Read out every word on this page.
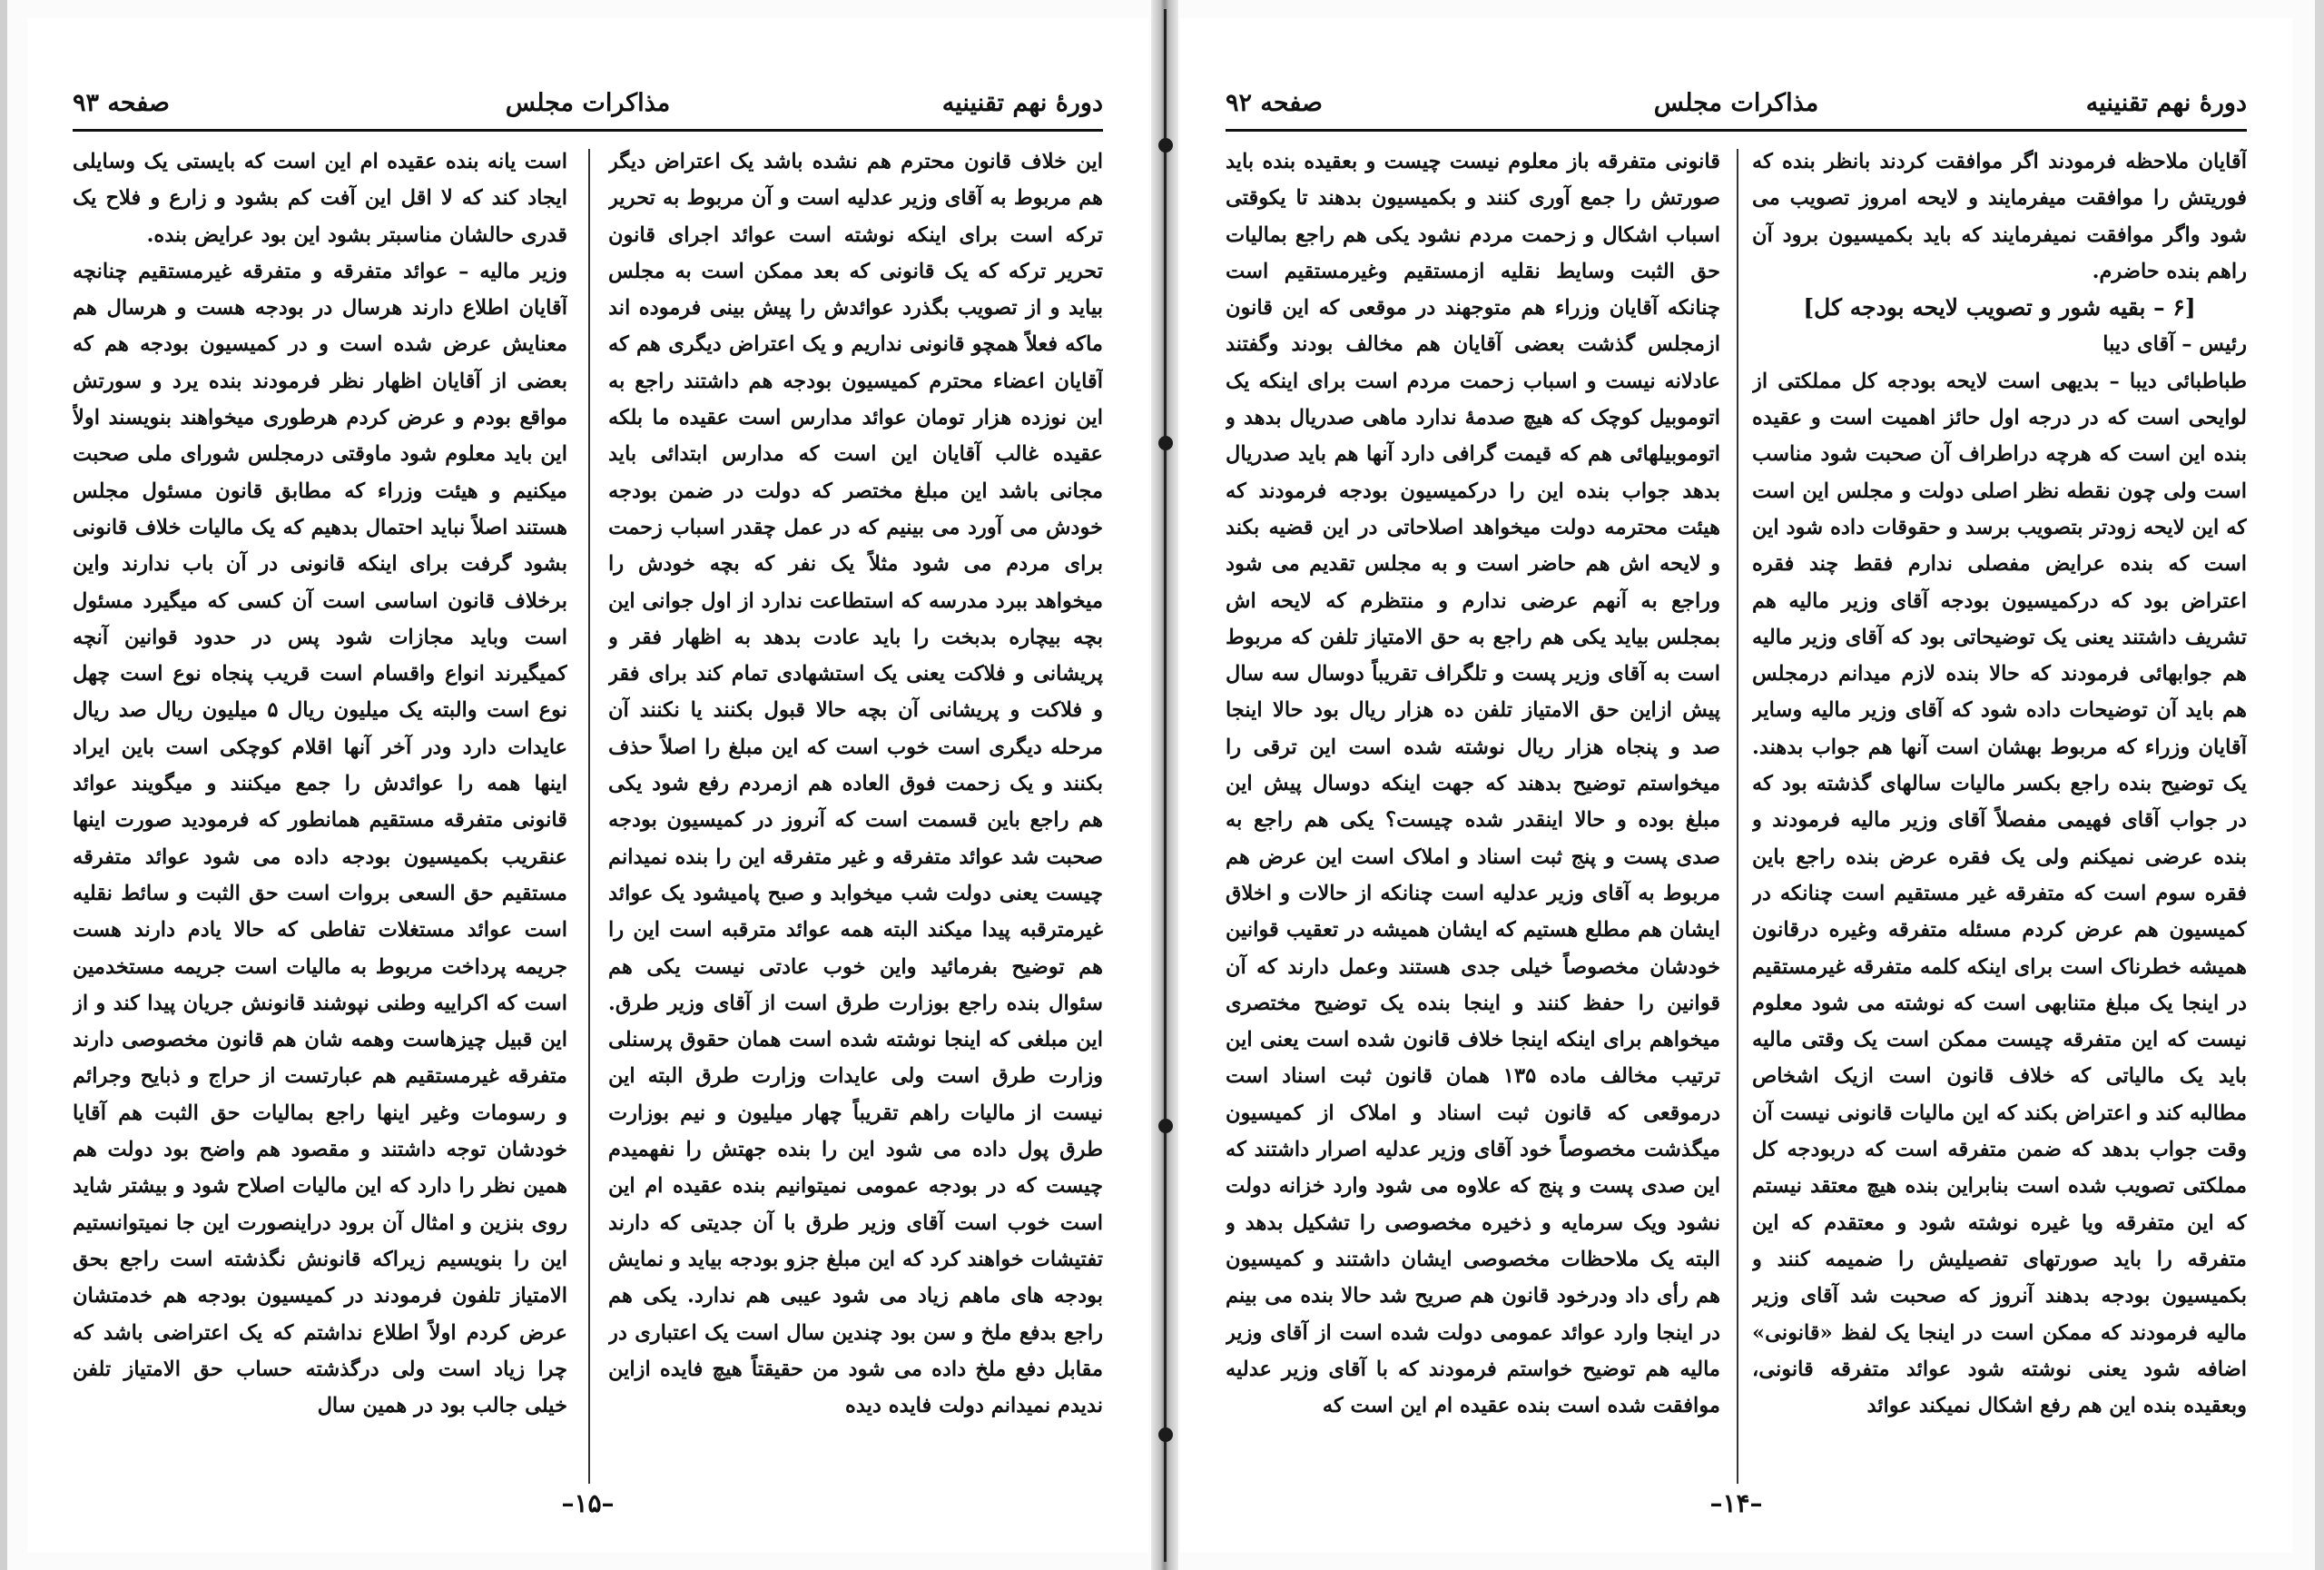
دورهٔ نهم تقنینیه
مذاکرات مجلس
صفحه ۹۳

این خلاف قانون محترم هم نشده باشد یک اعتراض دیگر هم مربوط به آقای وزیر عدلیه است و آن مربوط به تحریر ترکه است برای اینکه نوشته است عوائد اجرای قانون تحریر ترکه که یک قانونی که بعد ممکن است به مجلس بیاید و از تصویب بگذرد عوائدش را پیش بینی فرموده اند ماکه فعلاً همچو قانونی نداریم و یک اعتراض دیگری هم که آقایان اعضاء محترم کمیسیون بودجه هم داشتند راجع به این نوزده هزار تومان عوائد مدارس است عقیده ما بلکه عقیده غالب آقایان این است که مدارس ابتدائی باید مجانی باشد این مبلغ مختصر که دولت در ضمن بودجه خودش می آورد می بینیم که در عمل چقدر اسباب زحمت برای مردم می شود مثلاً یک نفر که بچه خودش را میخواهد ببرد مدرسه که استطاعت ندارد از اول جوانی این بچه بیچاره بدبخت را باید عادت بدهد به اظهار فقر و پریشانی و فلاکت یعنی یک استشهادی تمام کند برای فقر و فلاکت و پریشانی آن بچه حالا قبول بکنند یا نکنند آن مرحله دیگری است خوب است که این مبلغ را اصلاً حذف بکنند و یک زحمت فوق العاده هم ازمردم رفع شود یکی هم راجع باین قسمت است که آنروز در کمیسیون بودجه صحبت شد عوائد متفرقه و غیر متفرقه این را بنده نمیدانم چیست یعنی دولت شب میخوابد و صبح پامیشود یک عوائد غیرمترقبه پیدا میکند البته همه عوائد مترقبه است این را هم توضیح بفرمائید واین خوب عادتی نیست یکی هم سئوال بنده راجع بوزارت طرق است از آقای وزیر طرق. این مبلغی که اینجا نوشته شده است همان حقوق پرسنلی وزارت طرق است ولی عایدات وزارت طرق البته این نیست از مالیات راهم تقریباً چهار میلیون و نیم بوزارت طرق پول داده می شود این را بنده جهتش را نفهمیدم چیست که در بودجه عمومی نمیتوانیم بنده عقیده ام این است خوب است آقای وزیر طرق با آن جدیتی که دارند تفتیشات خواهند کرد که این مبلغ جزو بودجه بیاید و نمایش بودجه های ماهم زیاد می شود عیبی هم ندارد. یکی هم راجع بدفع ملخ و سن بود چندین سال است یک اعتباری در مقابل دفع ملخ داده می شود من حقیقتاً هیچ فایده ازاین ندیدم نمیدانم دولت فایده دیده

است یانه بنده عقیده ام این است که بایستی یک وسایلی ایجاد کند که لا اقل این آفت کم بشود و زارع و فلاح یک قدری حالشان مناسبتر بشود این بود عرایض بنده.

وزیر مالیه – عوائد متفرقه و متفرقه غیرمستقیم چنانچه آقایان اطلاع دارند هرسال در بودجه هست و هرسال هم معنایش عرض شده است و در کمیسیون بودجه هم که بعضی از آقایان اظهار نظر فرمودند بنده یرد و سورتش مواقع بودم و عرض کردم هرطوری میخواهند بنویسند اولاً این باید معلوم شود ماوقتی درمجلس شورای ملی صحبت میکنیم و هیئت وزراء که مطابق قانون مسئول مجلس هستند اصلاً نباید احتمال بدهیم که یک مالیات خلاف قانونی بشود گرفت برای اینکه قانونی در آن باب ندارند واین برخلاف قانون اساسی است آن کسی که میگیرد مسئول است وباید مجازات شود پس در حدود قوانین آنچه کمیگیرند انواع واقسام است قریب پنجاه نوع است چهل نوع است والبته یک میلیون ریال ۵ میلیون ریال صد ریال عایدات دارد ودر آخر آنها اقلام کوچکی است باین ایراد اینها همه را عوائدش را جمع میکنند و میگویند عوائد قانونی متفرقه مستقیم همانطور که فرمودید صورت اینها عنقریب بکمیسیون بودجه داده می شود عوائد متفرقه مستقیم حق السعی بروات است حق الثبت و سائط نقلیه است عوائد مستغلات تفاطی که حالا یادم دارند هست جریمه پرداخت مربوط به مالیات است جریمه مستخدمین است که اکراییه وطنی نپوشند قانونش جریان پیدا کند و از این قبیل چیزهاست وهمه شان هم قانون مخصوصی دارند متفرقه غیرمستقیم هم عبارتست از حراج و ذبایح وجرائم و رسومات وغیر اینها راجع بمالیات حق الثبت هم آقایا خودشان توجه داشتند و مقصود هم واضح بود دولت هم همین نظر را دارد که این مالیات اصلاح شود و بیشتر شاید روی بنزین و امثال آن برود دراینصورت این جا نمیتوانستیم این را بنویسیم زیراکه قانونش نگذشته است راجع بحق الامتیاز تلفون فرمودند در کمیسیون بودجه هم خدمتشان عرض کردم اولاً اطلاع نداشتم که یک اعتراضی باشد که چرا زیاد است ولی درگذشته حساب حق الامتیاز تلفن خیلی جالب بود در همین سال

–۱۵–
دورهٔ نهم تقنینیه
مذاکرات مجلس
صفحه ۹۲

آقایان ملاحظه فرمودند اگر موافقت کردند بانظر بنده که فوریتش را موافقت میفرمایند و لایحه امروز تصویب می شود واگر موافقت نمیفرمایند که باید بکمیسیون برود آن راهم بنده حاضرم.

[۶ – بقیه شور و تصویب لایحه بودجه کل]

رئیس – آقای دیبا

طباطبائی دیبا – بدیهی است لایحه بودجه کل مملکتی از لوایحی است که در درجه اول حائز اهمیت است و عقیده بنده این است که هرچه دراطراف آن صحبت شود مناسب است ولی چون نقطه نظر اصلی دولت و مجلس این است که این لایحه زودتر بتصویب برسد و حقوقات داده شود این است که بنده عرایض مفصلی ندارم فقط چند فقره اعتراض بود که درکمیسیون بودجه آقای وزیر مالیه هم تشریف داشتند یعنی یک توضیحاتی بود که آقای وزیر مالیه هم جوابهائی فرمودند که حالا بنده لازم میدانم درمجلس هم باید آن توضیحات داده شود که آقای وزیر مالیه وسایر آقایان وزراء که مربوط بهشان است آنها هم جواب بدهند. یک توضیح بنده راجع بکسر مالیات سالهای گذشته بود که در جواب آقای فهیمی مفصلاً آقای وزیر مالیه فرمودند و بنده عرضی نمیکنم ولی یک فقره عرض بنده راجع باین فقره سوم است که متفرقه غیر مستقیم است چنانکه در کمیسیون هم عرض کردم مسئله متفرقه وغیره درقانون همیشه خطرناک است برای اینکه کلمه متفرقه غیرمستقیم در اینجا یک مبلغ متنابهی است که نوشته می شود معلوم نیست که این متفرقه چیست ممکن است یک وقتی مالیه باید یک مالیاتی که خلاف قانون است ازیک اشخاص مطالبه کند و اعتراض بکند که این مالیات قانونی نیست آن وقت جواب بدهد که ضمن متفرقه است که دربودجه کل مملکتی تصویب شده است بنابراین بنده هیچ معتقد نیستم که این متفرقه ویا غیره نوشته شود و معتقدم که این متفرقه را باید صورتهای تفصیلیش را ضمیمه کنند و بکمیسیون بودجه بدهند آنروز که صحبت شد آقای وزیر مالیه فرمودند که ممکن است در اینجا یک لفظ «قانونی» اضافه شود یعنی نوشته شود عوائد متفرقه قانونی، وبعقیده بنده این هم رفع اشکال نمیکند عوائد

قانونی متفرقه باز معلوم نیست چیست و بعقیده بنده باید صورتش را جمع آوری کنند و بکمیسیون بدهند تا یکوقتی اسباب اشکال و زحمت مردم نشود یکی هم راجع بمالیات حق الثبت وسایط نقلیه ازمستقیم وغیرمستقیم است چنانکه آقایان وزراء هم متوجهند در موقعی که این قانون ازمجلس گذشت بعضی آقایان هم مخالف بودند وگفتند عادلانه نیست و اسباب زحمت مردم است برای اینکه یک اتوموبیل کوچک که هیچ صدمهٔ ندارد ماهی صدریال بدهد و اتوموبیلهائی هم که قیمت گرافی دارد آنها هم باید صدریال بدهد جواب بنده این را درکمیسیون بودجه فرمودند که هیئت محترمه دولت میخواهد اصلاحاتی در این قضیه بکند و لایحه اش هم حاضر است و به مجلس تقدیم می شود وراجع به آنهم عرضی ندارم و منتظرم که لایحه اش بمجلس بیاید یکی هم راجع به حق الامتیاز تلفن که مربوط است به آقای وزیر پست و تلگراف تقریباً دوسال سه سال پیش ازاین حق الامتیاز تلفن ده هزار ریال بود حالا اینجا صد و پنجاه هزار ریال نوشته شده است این ترقی را میخواستم توضیح بدهند که جهت اینکه دوسال پیش این مبلغ بوده و حالا اینقدر شده چیست؟ یکی هم راجع به صدی پست و پنج ثبت اسناد و املاک است این عرض هم مربوط به آقای وزیر عدلیه است چنانکه از حالات و اخلاق ایشان هم مطلع هستیم که ایشان همیشه در تعقیب قوانین خودشان مخصوصاً خیلی جدی هستند وعمل دارند که آن قوانین را حفظ کنند و اینجا بنده یک توضیح مختصری میخواهم برای اینکه اینجا خلاف قانون شده است یعنی این ترتیب مخالف ماده ۱۳۵ همان قانون ثبت اسناد است درموقعی که قانون ثبت اسناد و املاک از کمیسیون میگذشت مخصوصاً خود آقای وزیر عدلیه اصرار داشتند که این صدی پست و پنج که علاوه می شود وارد خزانه دولت نشود ویک سرمایه و ذخیره مخصوصی را تشکیل بدهد و البته یک ملاحظات مخصوصی ایشان داشتند و کمیسیون هم رأی داد ودرخود قانون هم صریح شد حالا بنده می بینم در اینجا وارد عوائد عمومی دولت شده است از آقای وزیر مالیه هم توضیح خواستم فرمودند که با آقای وزیر عدلیه موافقت شده است بنده عقیده ام این است که

–۱۴–
